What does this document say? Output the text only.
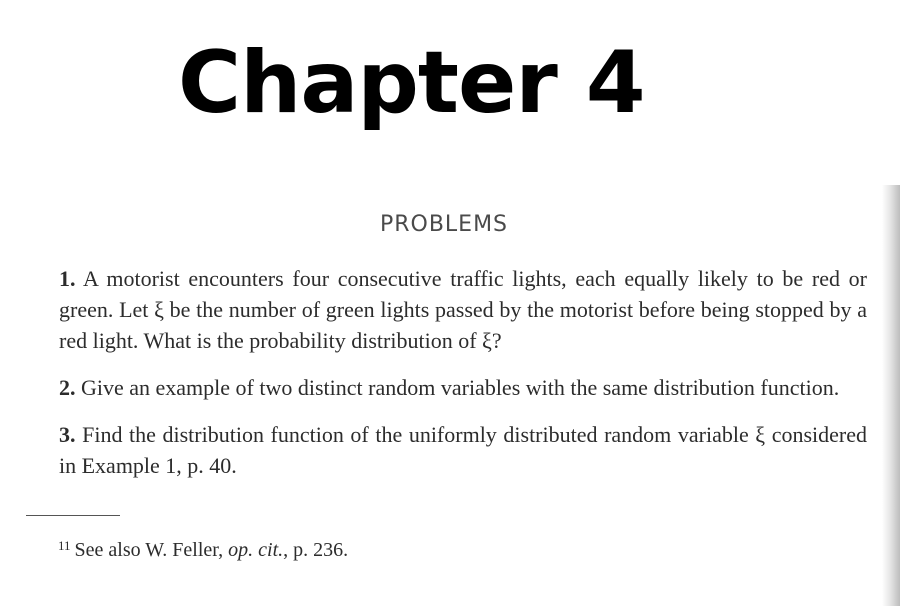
Chapter 4
PROBLEMS

1. A motorist encounters four consecutive traffic lights, each equally likely to be red or green. Let ξ be the number of green lights passed by the motorist before being stopped by a red light. What is the probability distribution of ξ?

2. Give an example of two distinct random variables with the same distribution function.

3. Find the distribution function of the uniformly distributed random variable ξ considered in Example 1, p. 40.

$^{11}$ See also W. Feller, op. cit., p. 236.
